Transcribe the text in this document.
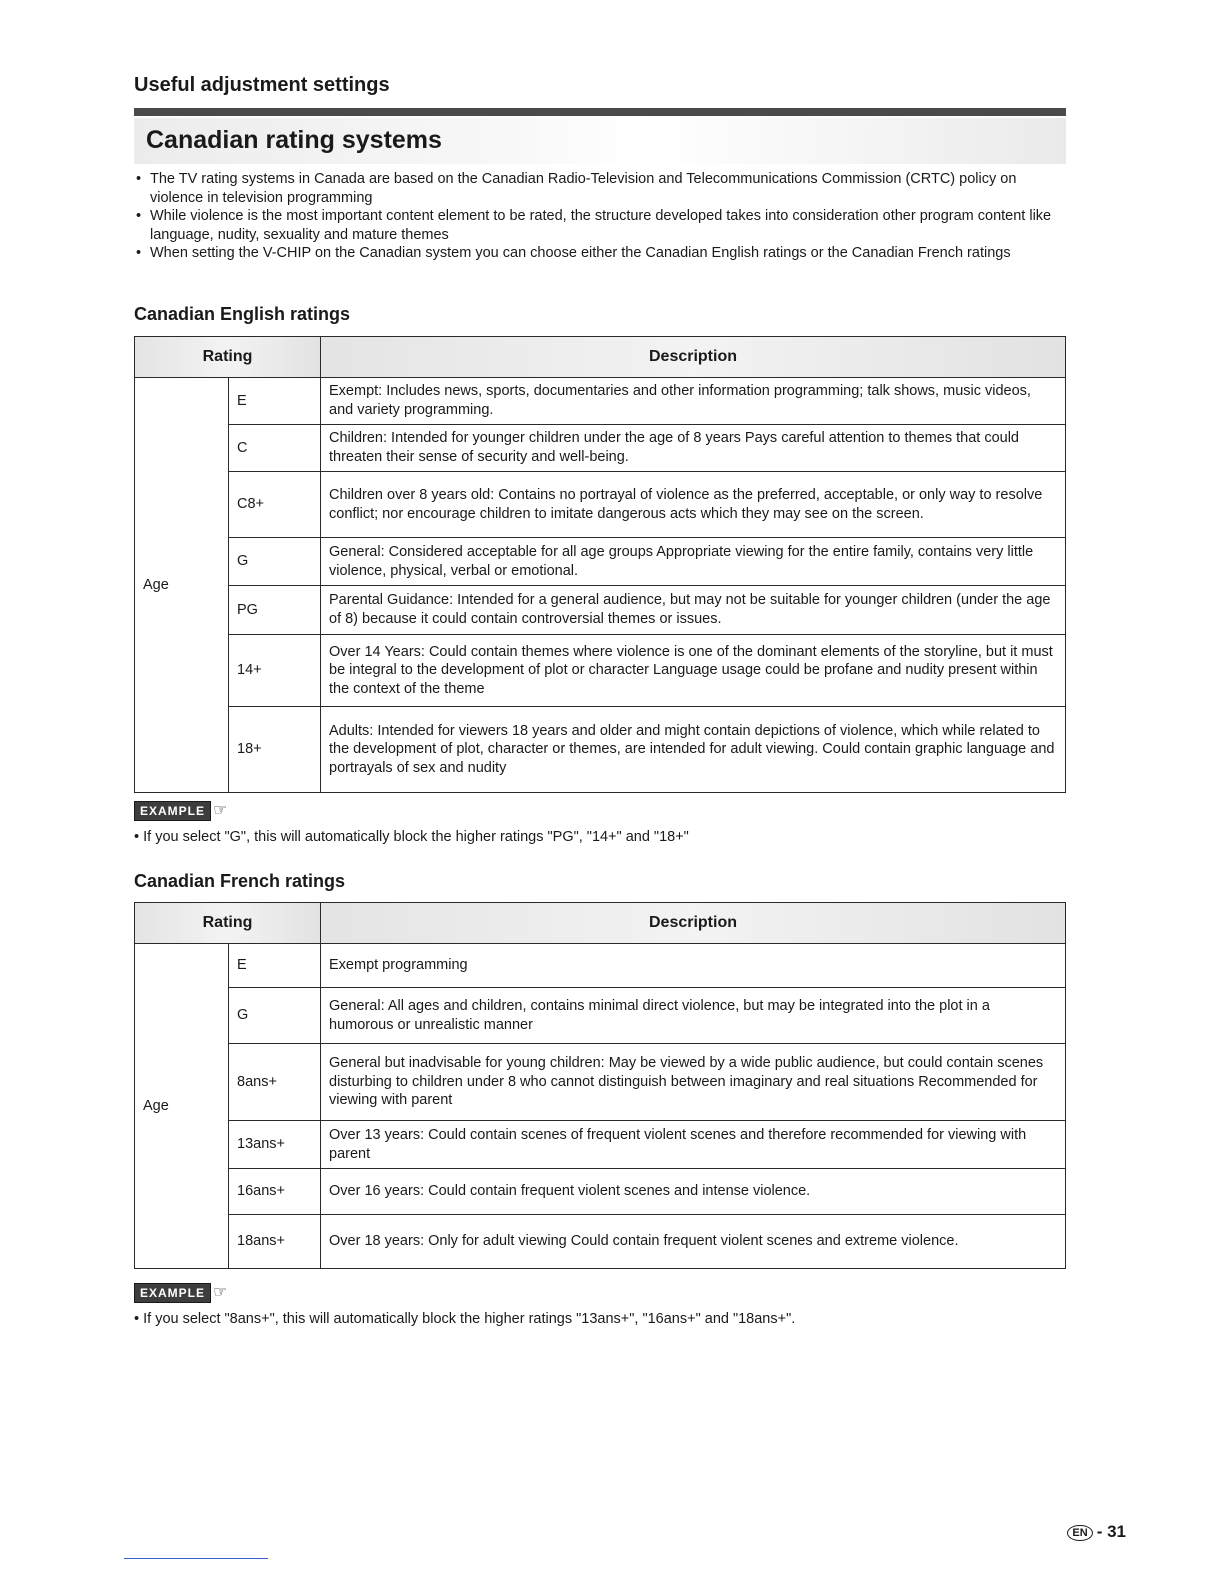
Useful adjustment settings
Canadian rating systems
• The TV rating systems in Canada are based on the Canadian Radio-Television and Telecommunications Commission (CRTC) policy on violence in television programming
• While violence is the most important content element to be rated, the structure developed takes into consideration other program content like language, nudity, sexuality and mature themes
• When setting the V-CHIP on the Canadian system you can choose either the Canadian English ratings or the Canadian French ratings
Canadian English ratings
Rating		Description
Age	E	Exempt: Includes news, sports, documentaries and other information programming; talk shows, music videos, and variety programming.
	C	Children: Intended for younger children under the age of 8 years Pays careful attention to themes that could threaten their sense of security and well-being.
	C8+	Children over 8 years old: Contains no portrayal of violence as the preferred, acceptable, or only way to resolve conflict; nor encourage children to imitate dangerous acts which they may see on the screen.
	G	General: Considered acceptable for all age groups Appropriate viewing for the entire family, contains very little violence, physical, verbal or emotional.
	PG	Parental Guidance: Intended for a general audience, but may not be suitable for younger children (under the age of 8) because it could contain controversial themes or issues.
	14+	Over 14 Years: Could contain themes where violence is one of the dominant elements of the storyline, but it must be integral to the development of plot or character Language usage could be profane and nudity present within the context of the theme
	18+	Adults: Intended for viewers 18 years and older and might contain depictions of violence, which while related to the development of plot, character or themes, are intended for adult viewing. Could contain graphic language and portrayals of sex and nudity
EXAMPLE ☞
• If you select "G", this will automatically block the higher ratings "PG", "14+" and "18+"
Canadian French ratings
Rating		Description
Age	E	Exempt programming
	G	General: All ages and children, contains minimal direct violence, but may be integrated into the plot in a humorous or unrealistic manner
	8ans+	General but inadvisable for young children: May be viewed by a wide public audience, but could contain scenes disturbing to children under 8 who cannot distinguish between imaginary and real situations Recommended for viewing with parent
	13ans+	Over 13 years: Could contain scenes of frequent violent scenes and therefore recommended for viewing with parent
	16ans+	Over 16 years: Could contain frequent violent scenes and intense violence.
	18ans+	Over 18 years: Only for adult viewing Could contain frequent violent scenes and extreme violence.
EXAMPLE ☞
• If you select "8ans+", this will automatically block the higher ratings "13ans+", "16ans+" and "18ans+".
EN - 31
